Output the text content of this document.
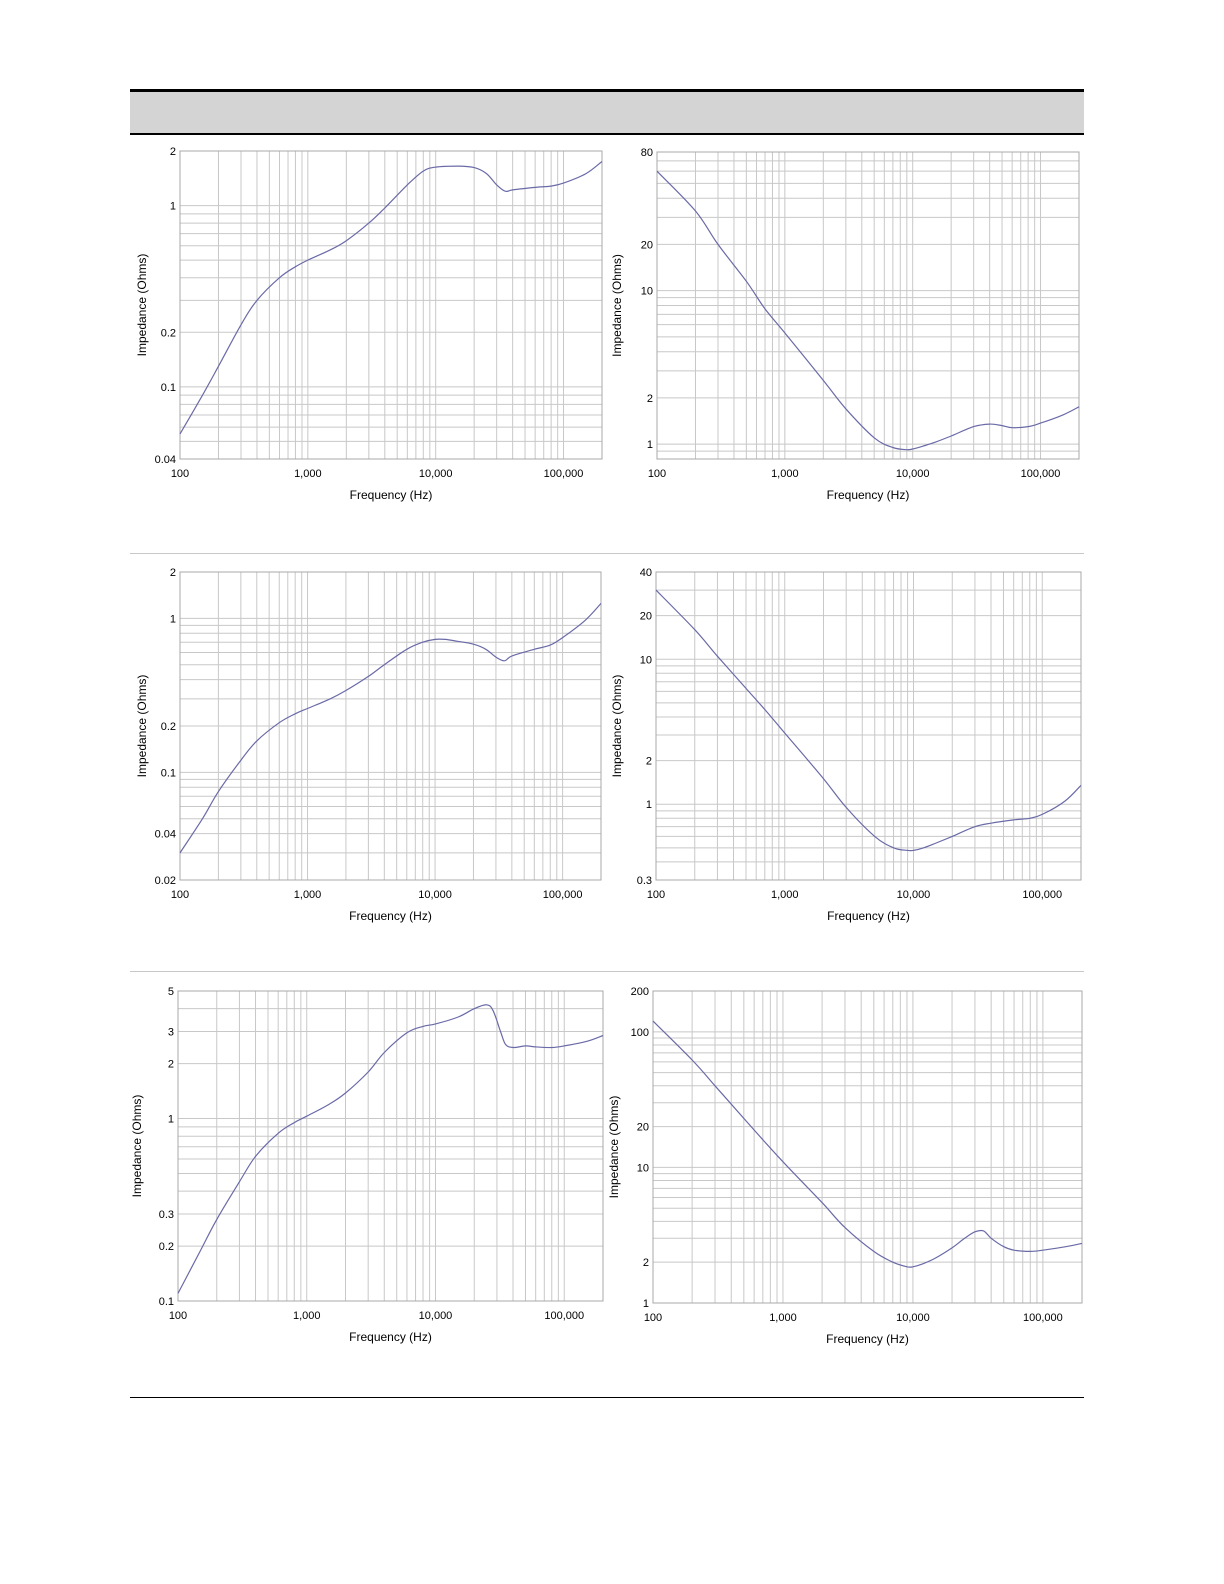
100	1,000	10,000	100,000
0.04
0.1
0.2
1
2
Frequency (Hz)
Impedance (Ohms)
100	1,000	10,000	100,000
1
2
10
20
80
Frequency (Hz)
Impedance (Ohms)
100	1,000	10,000	100,000
0.02
0.04
0.1
0.2
1
2
Frequency (Hz)
Impedance (Ohms)
100	1,000	10,000	100,000
0.3
1
2
10
20
40
Frequency (Hz)
Impedance (Ohms)
100	1,000	10,000	100,000
0.1
0.2
0.3
1
2
3
5
Frequency (Hz)
Impedance (Ohms)
100	1,000	10,000	100,000
1
2
10
20
100
200
Frequency (Hz)
Impedance (Ohms)
